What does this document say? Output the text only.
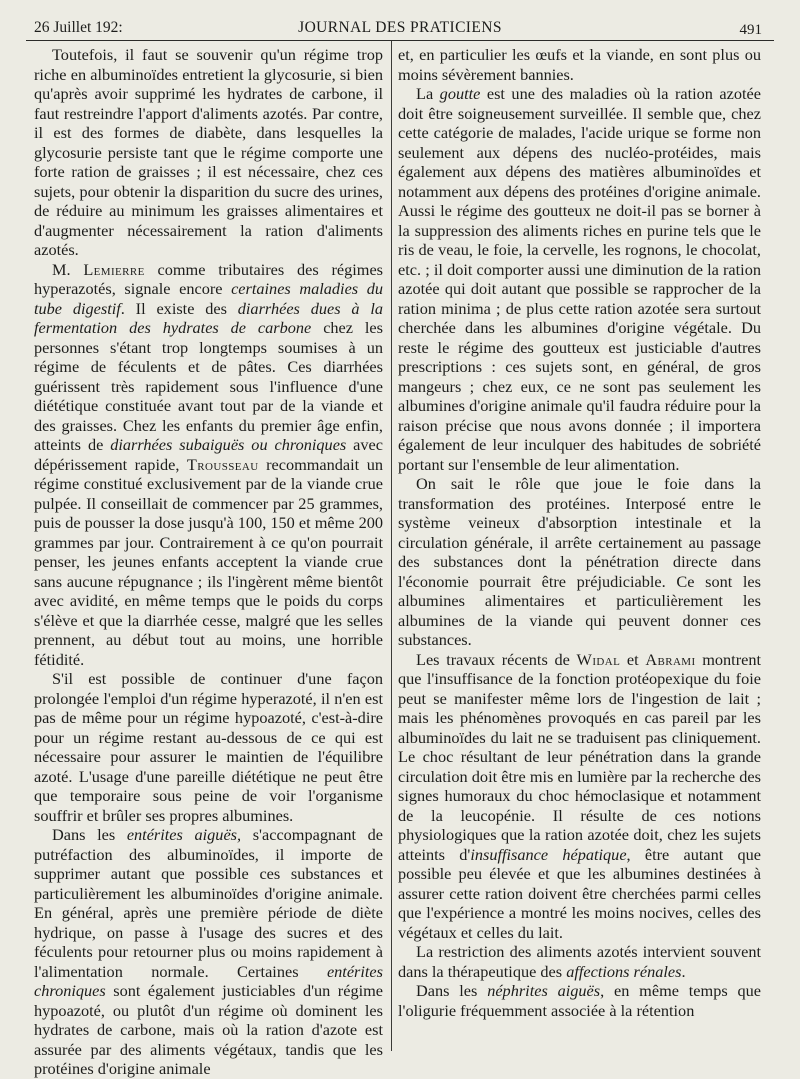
26 Juillet 192:	JOURNAL DES PRATICIENS	491

Toutefois, il faut se souvenir qu'un régime trop riche en albuminoïdes entretient la glycosurie, si bien qu'après avoir supprimé les hydrates de carbone, il faut restreindre l'apport d'aliments azotés. Par contre, il est des formes de diabète, dans lesquelles la glycosurie persiste tant que le régime comporte une forte ration de graisses ; il est nécessaire, chez ces sujets, pour obtenir la disparition du sucre des urines, de réduire au minimum les graisses alimentaires et d'augmenter nécessairement la ration d'aliments azotés.

M. Lemierre comme tributaires des régimes hyperazotés, signale encore certaines maladies du tube digestif. Il existe des diarrhées dues à la fermentation des hydrates de carbone chez les personnes s'étant trop longtemps soumises à un régime de féculents et de pâtes. Ces diarrhées guérissent très rapidement sous l'influence d'une diététique constituée avant tout par de la viande et des graisses. Chez les enfants du premier âge enfin, atteints de diarrhées subaiguës ou chroniques avec dépérissement rapide, Trousseau recommandait un régime constitué exclusivement par de la viande crue pulpée. Il conseillait de commencer par 25 grammes, puis de pousser la dose jusqu'à 100, 150 et même 200 grammes par jour. Contrairement à ce qu'on pourrait penser, les jeunes enfants acceptent la viande crue sans aucune répugnance ; ils l'ingèrent même bientôt avec avidité, en même temps que le poids du corps s'élève et que la diarrhée cesse, malgré que les selles prennent, au début tout au moins, une horrible fétidité.

S'il est possible de continuer d'une façon prolongée l'emploi d'un régime hyperazoté, il n'en est pas de même pour un régime hypoazoté, c'est-à-dire pour un régime restant au-dessous de ce qui est nécessaire pour assurer le maintien de l'équilibre azoté. L'usage d'une pareille diététique ne peut être que temporaire sous peine de voir l'organisme souffrir et brûler ses propres albumines.

Dans les entérites aiguës, s'accompagnant de putréfaction des albuminoïdes, il importe de supprimer autant que possible ces substances et particulièrement les albuminoïdes d'origine animale. En général, après une première période de diète hydrique, on passe à l'usage des sucres et des féculents pour retourner plus ou moins rapidement à l'alimentation normale. Certaines entérites chroniques sont également justiciables d'un régime hypoazoté, ou plutôt d'un régime où dominent les hydrates de carbone, mais où la ration d'azote est assurée par des aliments végétaux, tandis que les protéines d'origine animale

et, en particulier les œufs et la viande, en sont plus ou moins sévèrement bannies.

La goutte est une des maladies où la ration azotée doit être soigneusement surveillée. Il semble que, chez cette catégorie de malades, l'acide urique se forme non seulement aux dépens des nucléo-protéides, mais également aux dépens des matières albuminoïdes et notamment aux dépens des protéines d'origine animale. Aussi le régime des goutteux ne doit-il pas se borner à la suppression des aliments riches en purine tels que le ris de veau, le foie, la cervelle, les rognons, le chocolat, etc. ; il doit comporter aussi une diminution de la ration azotée qui doit autant que possible se rapprocher de la ration minima ; de plus cette ration azotée sera surtout cherchée dans les albumines d'origine végétale. Du reste le régime des goutteux est justiciable d'autres prescriptions : ces sujets sont, en général, de gros mangeurs ; chez eux, ce ne sont pas seulement les albumines d'origine animale qu'il faudra réduire pour la raison précise que nous avons donnée ; il importera également de leur inculquer des habitudes de sobriété portant sur l'ensemble de leur alimentation.

On sait le rôle que joue le foie dans la transformation des protéines. Interposé entre le système veineux d'absorption intestinale et la circulation générale, il arrête certainement au passage des substances dont la pénétration directe dans l'économie pourrait être préjudiciable. Ce sont les albumines alimentaires et particulièrement les albumines de la viande qui peuvent donner ces substances.

Les travaux récents de Widal et Abrami montrent que l'insuffisance de la fonction protéopexique du foie peut se manifester même lors de l'ingestion de lait ; mais les phénomènes provoqués en cas pareil par les albuminoïdes du lait ne se traduisent pas cliniquement. Le choc résultant de leur pénétration dans la grande circulation doit être mis en lumière par la recherche des signes humoraux du choc hémoclasique et notamment de la leucopénie. Il résulte de ces notions physiologiques que la ration azotée doit, chez les sujets atteints d'insuffisance hépatique, être autant que possible peu élevée et que les albumines destinées à assurer cette ration doivent être cherchées parmi celles que l'expérience a montré les moins nocives, celles des végétaux et celles du lait.

La restriction des aliments azotés intervient souvent dans la thérapeutique des affections rénales.

Dans les néphrites aiguës, en même temps que l'oligurie fréquemment associée à la rétention
